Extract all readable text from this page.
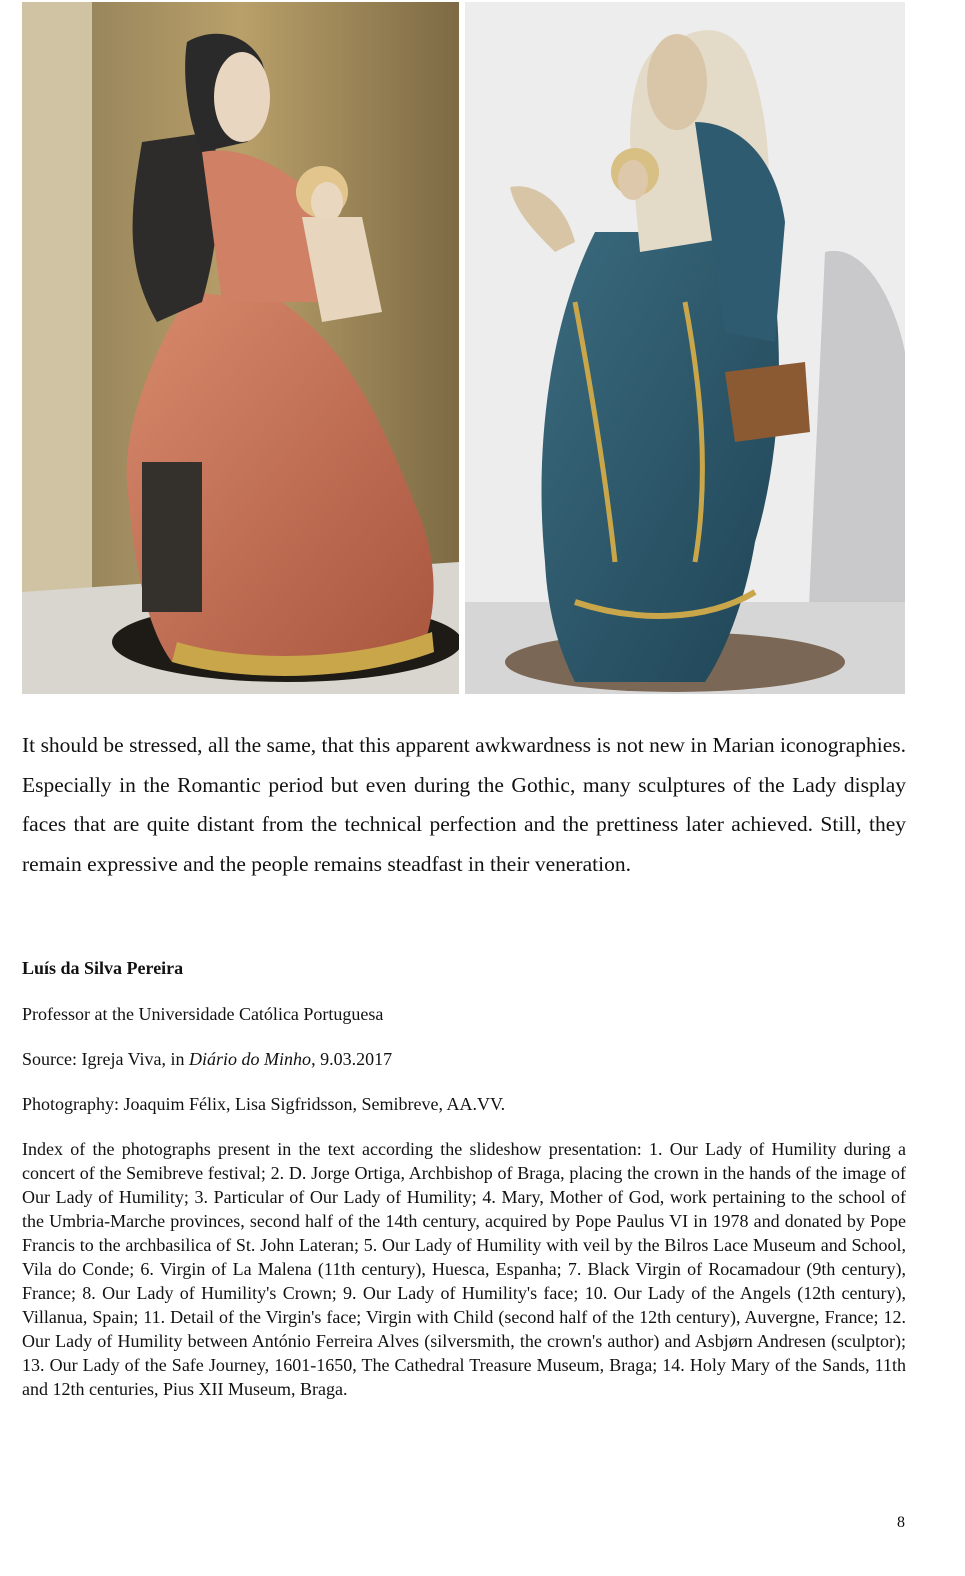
It should be stressed, all the same, that this apparent awkwardness is not new in Marian iconographies. Especially in the Romantic period but even during the Gothic, many sculptures of the Lady display faces that are quite distant from the technical perfection and the prettiness later achieved. Still, they remain expressive and the people remains steadfast in their veneration.

Luís da Silva Pereira

Professor at the Universidade Católica Portuguesa

Source: Igreja Viva, in Diário do Minho, 9.03.2017

Photography: Joaquim Félix, Lisa Sigfridsson, Semibreve, AA.VV.

Index of the photographs present in the text according the slideshow presentation: 1. Our Lady of Humility during a concert of the Semibreve festival; 2. D. Jorge Ortiga, Archbishop of Braga, placing the crown in the hands of the image of Our Lady of Humility; 3. Particular of Our Lady of Humility; 4. Mary, Mother of God, work pertaining to the school of the Umbria-Marche provinces, second half of the 14th century, acquired by Pope Paulus VI in 1978 and donated by Pope Francis to the archbasilica of St. John Lateran; 5. Our Lady of Humility with veil by the Bilros Lace Museum and School, Vila do Conde; 6. Virgin of La Malena (11th century), Huesca, Espanha; 7. Black Virgin of Rocamadour (9th century), France; 8. Our Lady of Humility's Crown; 9. Our Lady of Humility's face; 10. Our Lady of the Angels (12th century), Villanua, Spain; 11. Detail of the Virgin's face; Virgin with Child (second half of the 12th century), Auvergne, France; 12. Our Lady of Humility between António Ferreira Alves (silversmith, the crown's author) and Asbjørn Andresen (sculptor); 13. Our Lady of the Safe Journey, 1601-1650, The Cathedral Treasure Museum, Braga; 14. Holy Mary of the Sands, 11th and 12th centuries, Pius XII Museum, Braga.

8
